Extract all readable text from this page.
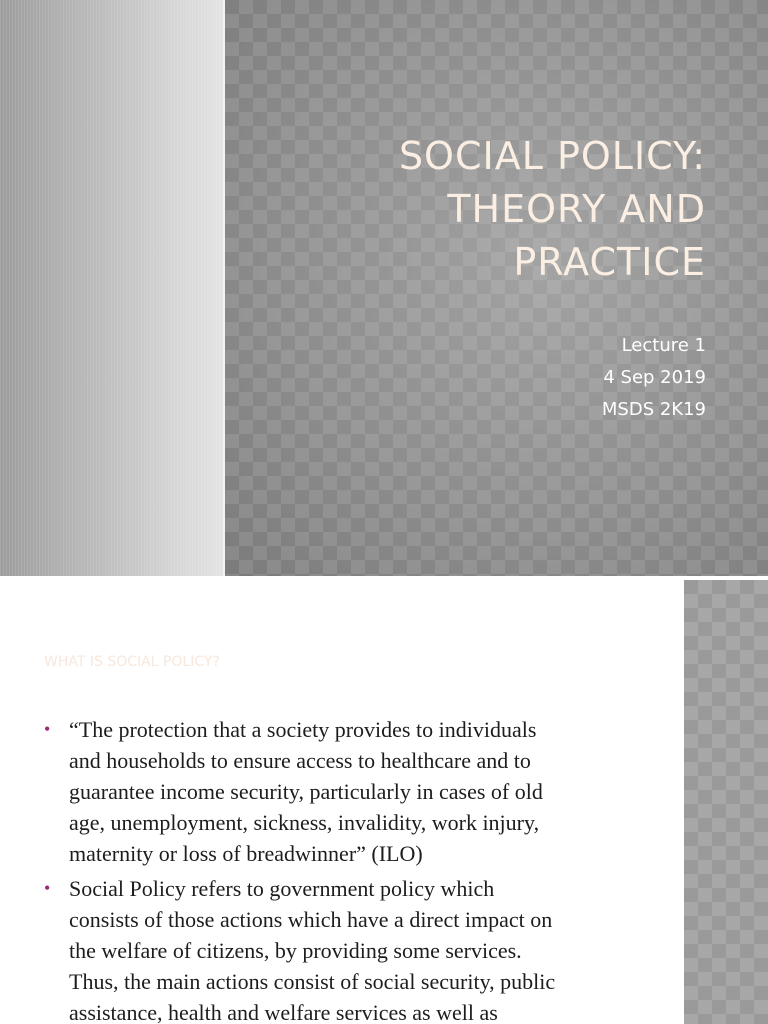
SOCIAL POLICY:
THEORY AND
PRACTICE
Lecture 1
4 Sep 2019
MSDS 2K19
WHAT IS SOCIAL POLICY?
• “The protection that a society provides to individuals
and households to ensure access to healthcare and to
guarantee income security, particularly in cases of old
age, unemployment, sickness, invalidity, work injury,
maternity or loss of breadwinner” (ILO)
• Social Policy refers to government policy which
consists of those actions which have a direct impact on
the welfare of citizens, by providing some services.
Thus, the main actions consist of social security, public
assistance, health and welfare services as well as
